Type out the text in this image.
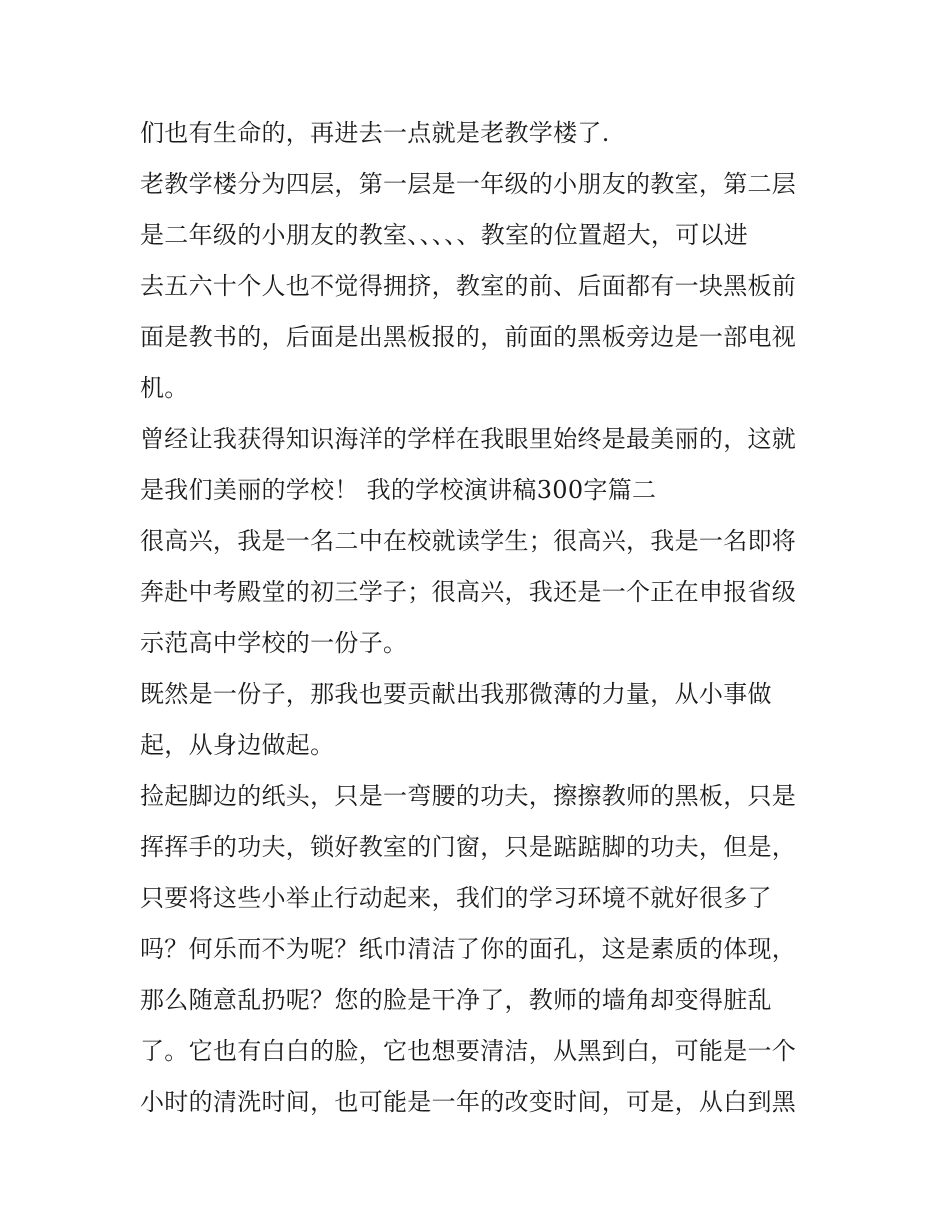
们也有生命的，再进去一点就是老教学楼了.
老教学楼分为四层，第一层是一年级的小朋友的教室，第二层
是二年级的小朋友的教室、、、、、教室的位置超大，可以进
去五六十个人也不觉得拥挤，教室的前、后面都有一块黑板前
面是教书的，后面是出黑板报的，前面的黑板旁边是一部电视
机。
曾经让我获得知识海洋的学样在我眼里始终是最美丽的，这就
是我们美丽的学校！ 我的学校演讲稿300字篇二
很高兴，我是一名二中在校就读学生；很高兴，我是一名即将
奔赴中考殿堂的初三学子；很高兴，我还是一个正在申报省级
示范高中学校的一份子。
既然是一份子，那我也要贡献出我那微薄的力量，从小事做
起，从身边做起。
捡起脚边的纸头，只是一弯腰的功夫，擦擦教师的黑板，只是
挥挥手的功夫，锁好教室的门窗，只是踮踮脚的功夫，但是，
只要将这些小举止行动起来，我们的学习环境不就好很多了
吗？何乐而不为呢？纸巾清洁了你的面孔，这是素质的体现，
那么随意乱扔呢？您的脸是干净了，教师的墙角却变得脏乱
了。它也有白白的脸，它也想要清洁，从黑到白，可能是一个
小时的清洗时间，也可能是一年的改变时间，可是，从白到黑
